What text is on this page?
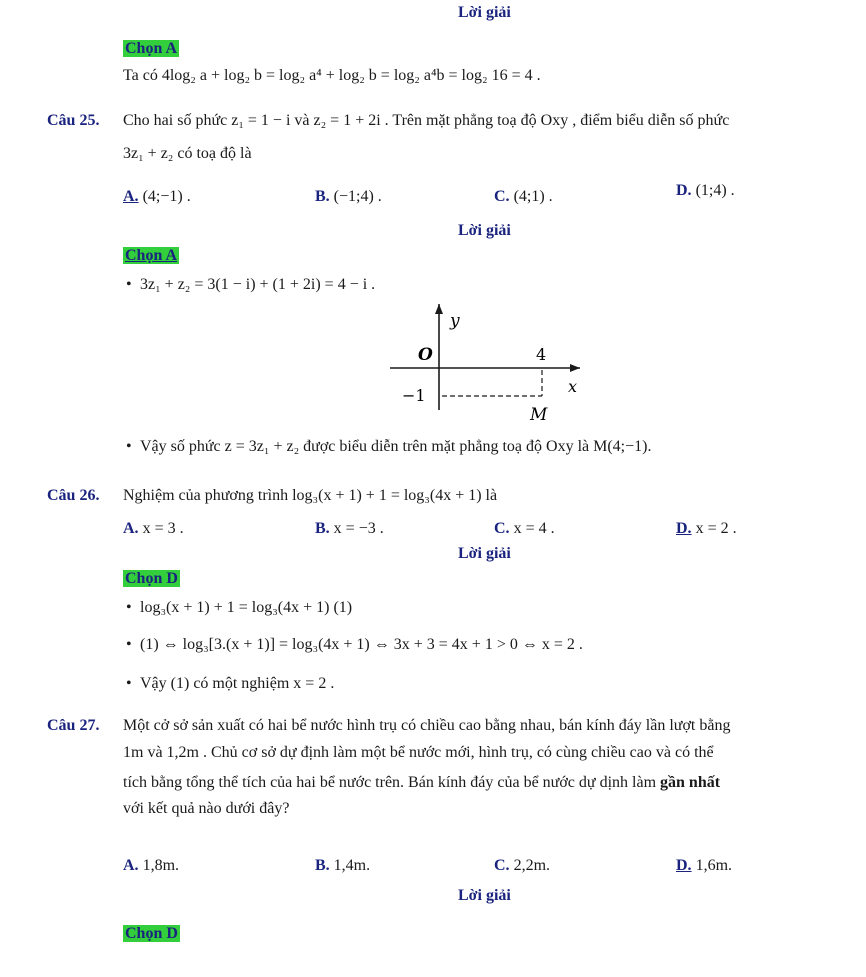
Lời giải
Chọn A
Ta có 4log₂ a + log₂ b = log₂ a⁴ + log₂ b = log₂ a⁴b = log₂ 16 = 4 .
Câu 25. Cho hai số phức z₁ = 1 − i và z₂ = 1 + 2i . Trên mặt phẳng toạ độ Oxy , điểm biểu diễn số phức
3z₁ + z₂ có toạ độ là
A. (4;−1) .	B. (−1;4) .	C. (4;1) .	D. (1;4) .
Lời giải
Chọn A
• 3z₁ + z₂ = 3(1 − i) + (1 + 2i) = 4 − i .
y
O	4
−1	x
M
• Vậy số phức z = 3z₁ + z₂ được biểu diễn trên mặt phẳng toạ độ Oxy là M(4;−1).
Câu 26. Nghiệm của phương trình log₃(x + 1) + 1 = log₃(4x + 1) là
A. x = 3 .	B. x = −3 .	C. x = 4 .	D. x = 2 .
Lời giải
Chọn D
• log₃(x + 1) + 1 = log₃(4x + 1) (1)
• (1) ⇔ log₃[3.(x + 1)] = log₃(4x + 1) ⇔ 3x + 3 = 4x + 1 > 0 ⇔ x = 2 .
• Vậy (1) có một nghiệm x = 2 .
Câu 27. Một cở sở sản xuất có hai bể nước hình trụ có chiều cao bằng nhau, bán kính đáy lần lượt bằng
1m và 1,2m . Chủ cơ sở dự định làm một bể nước mới, hình trụ, có cùng chiều cao và có thể
tích bằng tổng thể tích của hai bể nước trên. Bán kính đáy của bể nước dự dịnh làm gần nhất
với kết quả nào dưới đây?
A. 1,8m.	B. 1,4m.	C. 2,2m.	D. 1,6m.
Lời giải
Chọn D
